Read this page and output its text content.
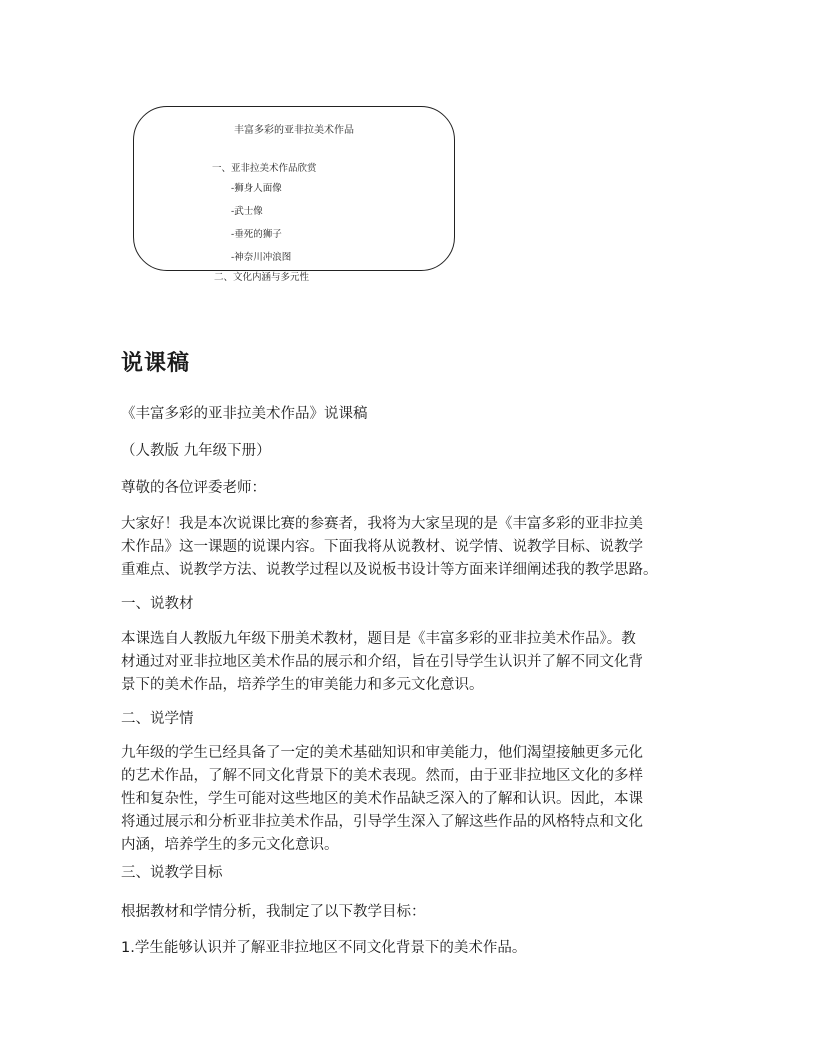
丰富多彩的亚非拉美术作品
一、亚非拉美术作品欣赏
-狮身人面像
-武士像
-垂死的狮子
-神奈川冲浪图
二、文化内涵与多元性
说课稿

《丰富多彩的亚非拉美术作品》说课稿

（人教版 九年级下册）

尊敬的各位评委老师：

大家好！我是本次说课比赛的参赛者，我将为大家呈现的是《丰富多彩的亚非拉美
术作品》这一课题的说课内容。下面我将从说教材、说学情、说教学目标、说教学
重难点、说教学方法、说教学过程以及说板书设计等方面来详细阐述我的教学思路。

一、说教材

本课选自人教版九年级下册美术教材，题目是《丰富多彩的亚非拉美术作品》。教
材通过对亚非拉地区美术作品的展示和介绍，旨在引导学生认识并了解不同文化背
景下的美术作品，培养学生的审美能力和多元文化意识。

二、说学情

九年级的学生已经具备了一定的美术基础知识和审美能力，他们渴望接触更多元化
的艺术作品，了解不同文化背景下的美术表现。然而，由于亚非拉地区文化的多样
性和复杂性，学生可能对这些地区的美术作品缺乏深入的了解和认识。因此，本课
将通过展示和分析亚非拉美术作品，引导学生深入了解这些作品的风格特点和文化
内涵，培养学生的多元文化意识。

三、说教学目标

根据教材和学情分析，我制定了以下教学目标：

1.学生能够认识并了解亚非拉地区不同文化背景下的美术作品。
